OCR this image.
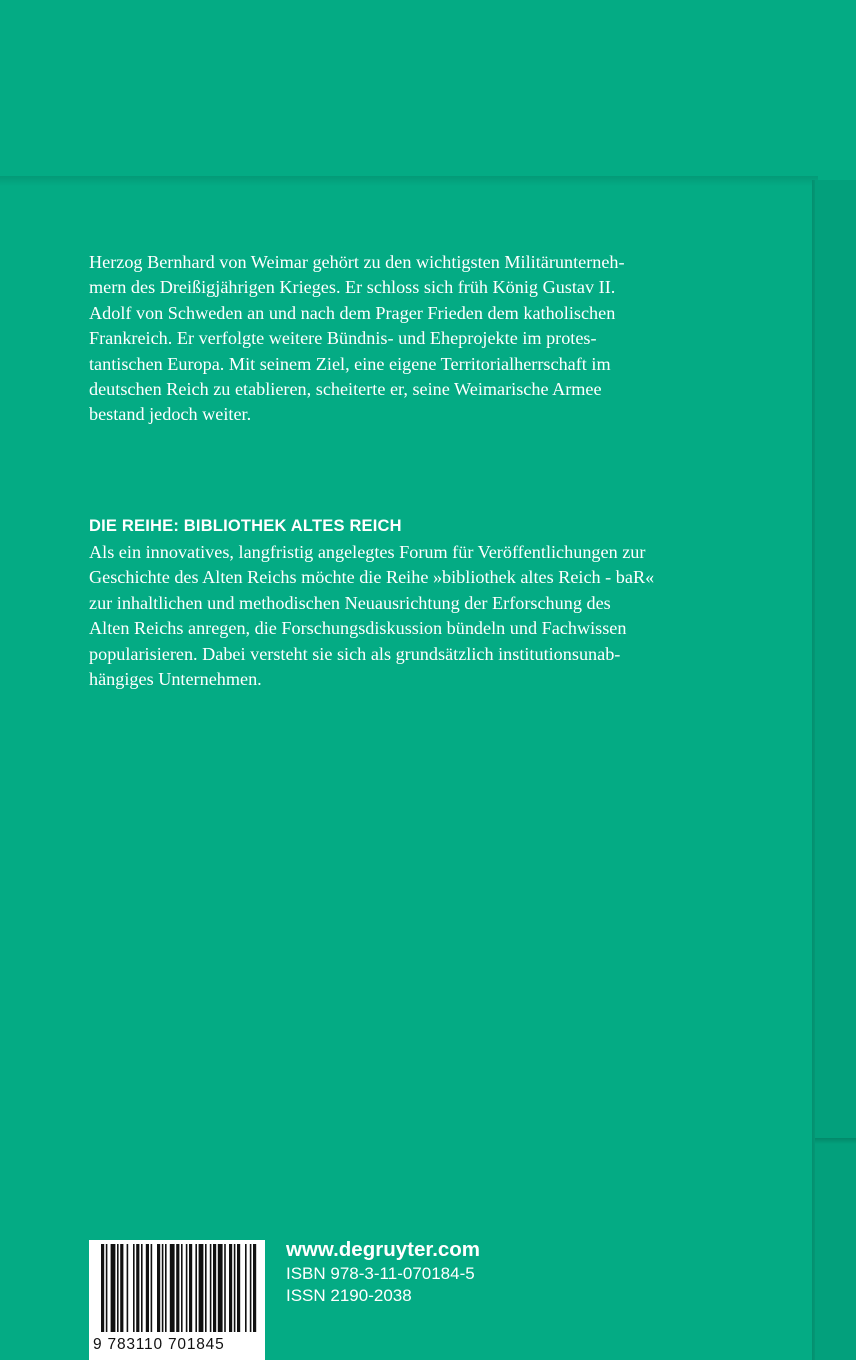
Herzog Bernhard von Weimar gehört zu den wichtigsten Militärunterneh-
mern des Dreißigjährigen Krieges. Er schloss sich früh König Gustav II.
Adolf von Schweden an und nach dem Prager Frieden dem katholischen
Frankreich. Er verfolgte weitere Bündnis- und Eheprojekte im protes-
tantischen Europa. Mit seinem Ziel, eine eigene Territorialherrschaft im
deutschen Reich zu etablieren, scheiterte er, seine Weimarische Armee
bestand jedoch weiter.
DIE REIHE: BIBLIOTHEK ALTES REICH
Als ein innovatives, langfristig angelegtes Forum für Veröffentlichungen zur
Geschichte des Alten Reichs möchte die Reihe »bibliothek altes Reich - baR«
zur inhaltlichen und methodischen Neuausrichtung der Erforschung des
Alten Reichs anregen, die Forschungsdiskussion bündeln und Fachwissen
popularisieren. Dabei versteht sie sich als grundsätzlich institutionsunab-
hängiges Unternehmen.
9 783110 701845
www.degruyter.com
ISBN 978-3-11-070184-5
ISSN 2190-2038
